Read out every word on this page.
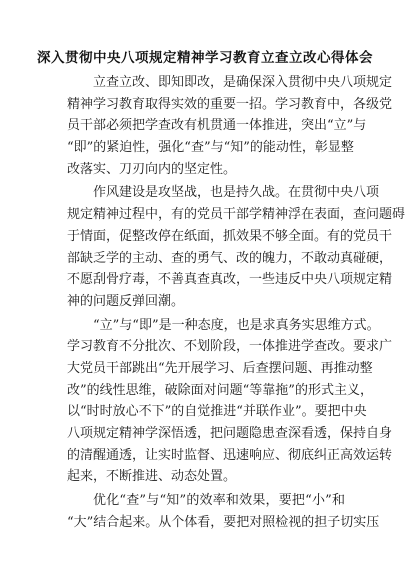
深入贯彻中央八项规定精神学习教育立查立改心得体会
立查立改、即知即改，是确保深入贯彻中央八项规定
精神学习教育取得实效的重要一招。学习教育中，各级党
员干部必须把学查改有机贯通一体推进，突出“立”与
“即”的紧迫性，强化“查”与“知”的能动性，彰显整
改落实、刀刃向内的坚定性。
作风建设是攻坚战，也是持久战。在贯彻中央八项
规定精神过程中，有的党员干部学精神浮在表面，查问题碍
于情面，促整改停在纸面，抓效果不够全面。有的党员干
部缺乏学的主动、查的勇气、改的魄力，不敢动真碰硬，
不愿刮骨疗毒，不善真查真改，一些违反中央八项规定精
神的问题反弹回潮。
“立”与“即”是一种态度，也是求真务实思维方式。
学习教育不分批次、不划阶段，一体推进学查改。要求广
大党员干部跳出“先开展学习、后查摆问题、再推动整
改”的线性思维，破除面对问题“等靠拖”的形式主义，
以“时时放心不下”的自觉推进“并联作业”。要把中央
八项规定精神学深悟透，把问题隐患查深看透，保持自身
的清醒通透，让实时监督、迅速响应、彻底纠正高效运转
起来，不断推进、动态处置。
优化“查”与“知”的效率和效果，要把“小”和
“大”结合起来。从个体看，要把对照检视的担子切实压
